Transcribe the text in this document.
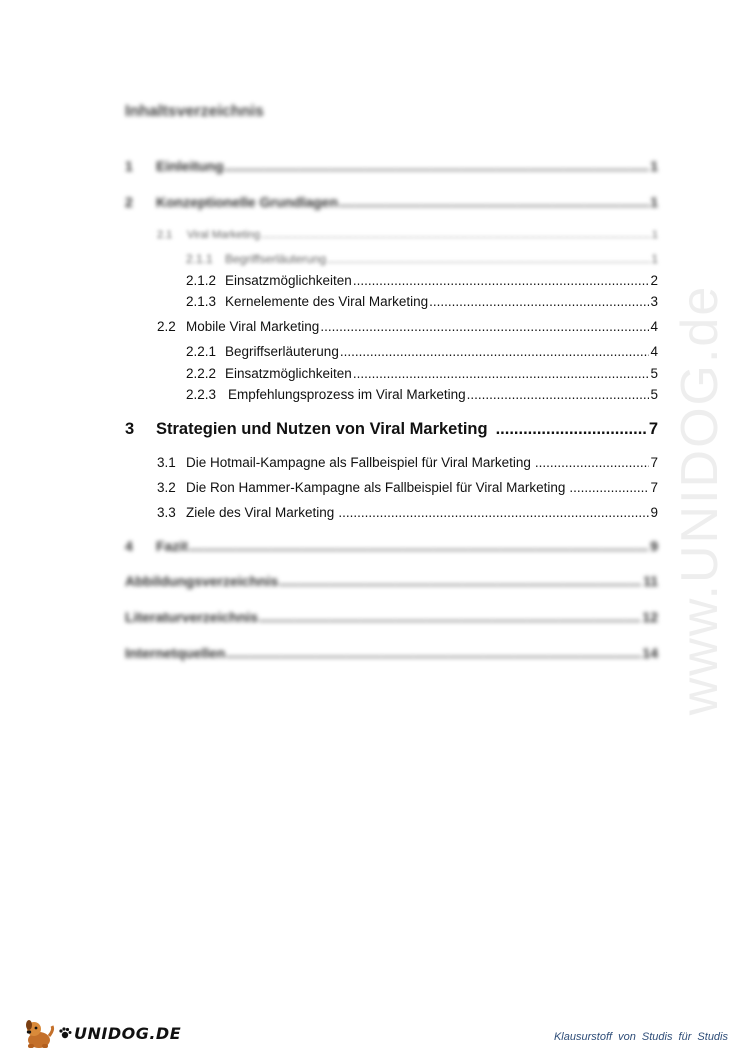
www.UNIDOG.de
Inhaltsverzeichnis
1	Einleitung .....	1
2	Konzeptionelle Grundlagen .....	1
2.1	Viral Marketing .....	1
2.1.1	Begriffserläuterung .....	1
2.1.2 Einsatzmöglichkeiten .....	2
2.1.3 Kernelemente des Viral Marketing .....	3
2.2 Mobile Viral Marketing .....	4
2.2.1 Begriffserläuterung .....	4
2.2.2 Einsatzmöglichkeiten .....	5
2.2.3 Empfehlungsprozess im Viral Marketing .....	5
3	Strategien und Nutzen von Viral Marketing .....	7
3.1 Die Hotmail-Kampagne als Fallbeispiel für Viral Marketing .....	7
3.2 Die Ron Hammer-Kampagne als Fallbeispiel für Viral Marketing .....	7
3.3 Ziele des Viral Marketing .....	9
4	Fazit .....	9
Abbildungsverzeichnis .....	11
Literaturverzeichnis .....	12
Internetquellen .....	14
UNIDOG.DE	Klausurstoff von Studis für Studis
